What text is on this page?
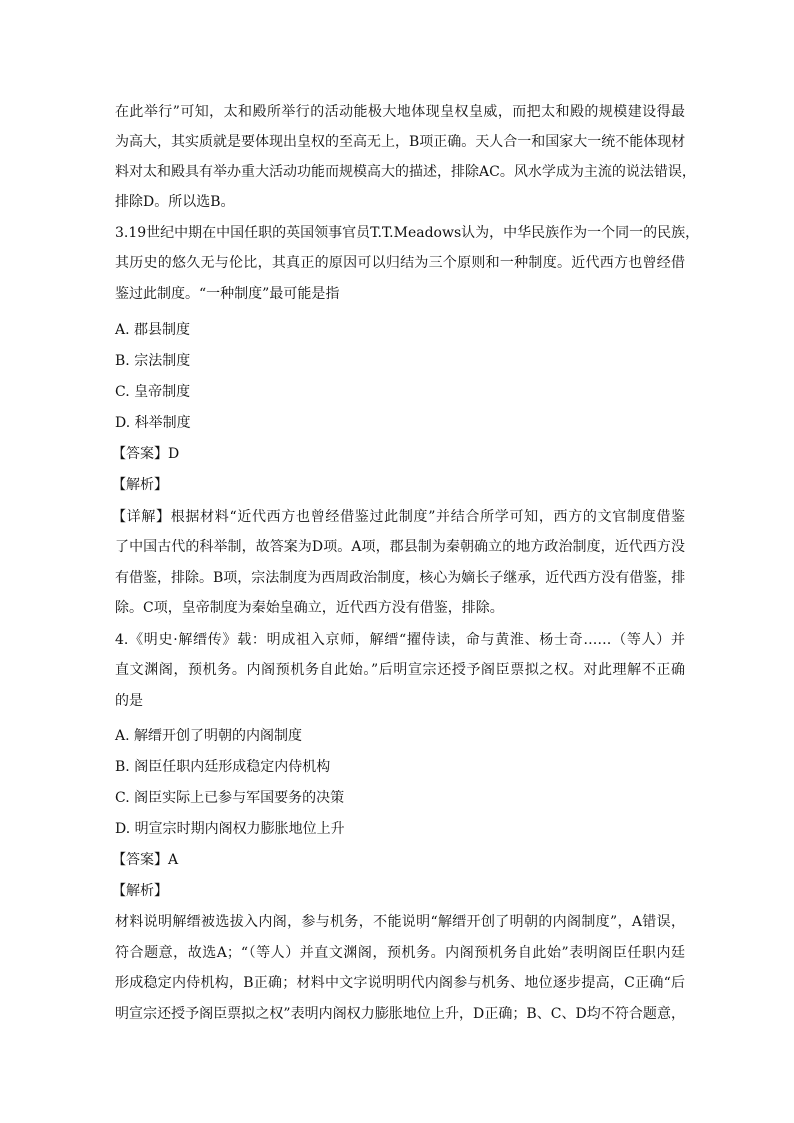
在此举行”可知，太和殿所举行的活动能极大地体现皇权皇威，而把太和殿的规模建设得最
为高大，其实质就是要体现出皇权的至高无上，B项正确。天人合一和国家大一统不能体现材
料对太和殿具有举办重大活动功能而规模高大的描述，排除AC。风水学成为主流的说法错误，
排除D。所以选B。
3.19世纪中期在中国任职的英国领事官员T.T.Meadows认为，中华民族作为一个同一的民族，
其历史的悠久无与伦比，其真正的原因可以归结为三个原则和一种制度。近代西方也曾经借
鉴过此制度。“一种制度”最可能是指
A. 郡县制度
B. 宗法制度
C. 皇帝制度
D. 科举制度
【答案】D
【解析】
【详解】根据材料“近代西方也曾经借鉴过此制度”并结合所学可知，西方的文官制度借鉴
了中国古代的科举制，故答案为D项。A项，郡县制为秦朝确立的地方政治制度，近代西方没
有借鉴，排除。B项，宗法制度为西周政治制度，核心为嫡长子继承，近代西方没有借鉴，排
除。C项，皇帝制度为秦始皇确立，近代西方没有借鉴，排除。
4.《明史·解缙传》载：明成祖入京师，解缙“擢侍读，命与黄淮、杨士奇……（等人）并
直文渊阁，预机务。内阁预机务自此始。”后明宣宗还授予阁臣票拟之权。对此理解不正确
的是
A. 解缙开创了明朝的内阁制度
B. 阁臣任职内廷形成稳定内侍机构
C. 阁臣实际上已参与军国要务的决策
D. 明宣宗时期内阁权力膨胀地位上升
【答案】A
【解析】
材料说明解缙被选拔入内阁，参与机务，不能说明“解缙开创了明朝的内阁制度”，A错误，
符合题意，故选A；“（等人）并直文渊阁，预机务。内阁预机务自此始”表明阁臣任职内廷
形成稳定内侍机构，B正确；材料中文字说明明代内阁参与机务、地位逐步提高，C正确“后
明宣宗还授予阁臣票拟之权”表明内阁权力膨胀地位上升，D正确；B、C、D均不符合题意，
